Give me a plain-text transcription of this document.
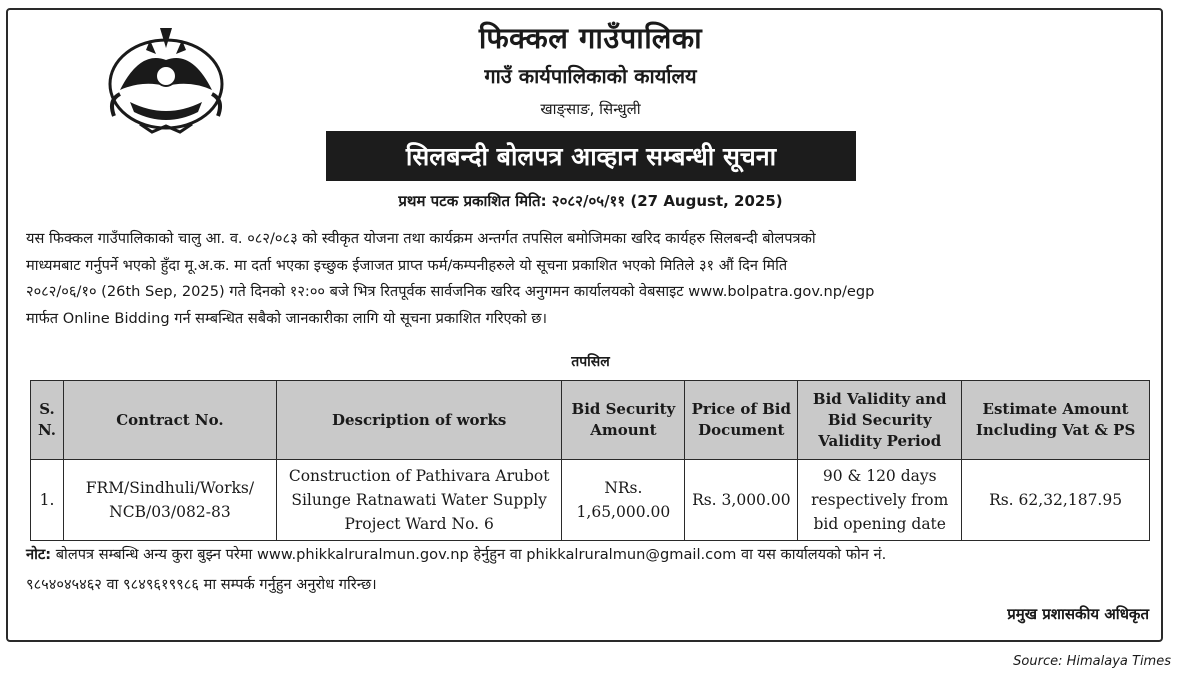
फिक्कल गाउँपालिका
गाउँ कार्यपालिकाको कार्यालय
खाङ्साङ, सिन्धुली
सिलबन्दी बोलपत्र आव्हान सम्बन्धी सूचना
प्रथम पटक प्रकाशित मिति: २०८२/०५/११ (27 August, 2025)
यस फिक्कल गाउँपालिकाको चालु आ. व. ०८२/०८३ को स्वीकृत योजना तथा कार्यक्रम अन्तर्गत तपसिल बमोजिमका खरिद कार्यहरु सिलबन्दी बोलपत्रको
माध्यमबाट गर्नुपर्ने भएको हुँदा मू.अ.क. मा दर्ता भएका इच्छुक ईजाजत प्राप्त फर्म/कम्पनीहरुले यो सूचना प्रकाशित भएको मितिले ३१ औं दिन मिति
२०८२/०६/१० (26th Sep, 2025) गते दिनको १२:०० बजे भित्र रितपूर्वक सार्वजनिक खरिद अनुगमन कार्यालयको वेबसाइट www.bolpatra.gov.np/egp
मार्फत Online Bidding गर्न सम्बन्धित सबैको जानकारीका लागि यो सूचना प्रकाशित गरिएको छ।
तपसिल
S. N.	Contract No.	Description of works	Bid Security Amount	Price of Bid Document	Bid Validity and Bid Security Validity Period	Estimate Amount Including Vat & PS
1.	FRM/Sindhuli/Works/ NCB/03/082-83	Construction of Pathivara Arubot Silunge Ratnawati Water Supply Project Ward No. 6	NRs. 1,65,000.00	Rs. 3,000.00	90 & 120 days respectively from bid opening date	Rs. 62,32,187.95
नोट: बोलपत्र सम्बन्धि अन्य कुरा बुझ्न परेमा www.phikkalruralmun.gov.np हेर्नुहुन वा phikkalruralmun@gmail.com वा यस कार्यालयको फोन नं.
९८५४०४५४६२ वा ९८४९६१९९८६ मा सम्पर्क गर्नुहुन अनुरोध गरिन्छ।
प्रमुख प्रशासकीय अधिकृत
Source: Himalaya Times
